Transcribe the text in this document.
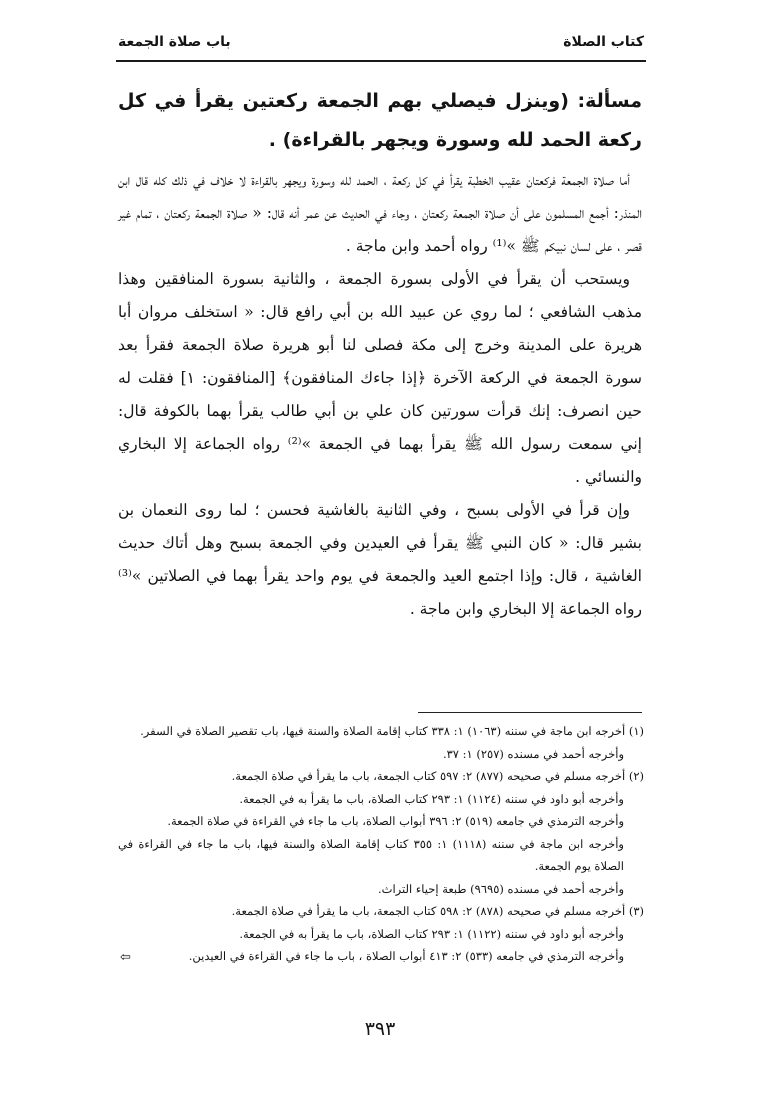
كتاب الصلاة
باب صلاة الجمعة

مسألة: (وينزل فيصلي بهم الجمعة ركعتين يقرأ في كل ركعة الحمد لله وسورة ويجهر بالقراءة) .

أما صلاة الجمعة فركعتان عقيب الخطبة يقرأ في كل ركعة ، الحمد لله وسورة ويجهر بالقراءة لا خلاف في ذلك كله قال ابن المنذر: أجمع المسلمون على أن صلاة الجمعة ركعتان ، وجاء في الحديث عن عمر أنه قال: « صلاة الجمعة ركعتان ، تمام غير قصر ، على لسان نبيكم ﷺ »⁽¹⁾ رواه أحمد وابن ماجة .

ويستحب أن يقرأ في الأولى بسورة الجمعة ، والثانية بسورة المنافقين وهذا مذهب الشافعي ؛ لما روي عن عبيد الله بن أبي رافع قال: « استخلف مروان أبا هريرة على المدينة وخرج إلى مكة فصلى لنا أبو هريرة صلاة الجمعة فقرأ بعد سورة الجمعة في الركعة الآخرة ﴿إذا جاءك المنافقون﴾ [المنافقون: ١] فقلت له حين انصرف: إنك قرأت سورتين كان علي بن أبي طالب يقرأ بهما بالكوفة قال: إني سمعت رسول الله ﷺ يقرأ بهما في الجمعة »⁽²⁾ رواه الجماعة إلا البخاري والنسائي .

وإن قرأ في الأولى بسبح ، وفي الثانية بالغاشية فحسن ؛ لما روى النعمان بن بشير قال: « كان النبي ﷺ يقرأ في العيدين وفي الجمعة بسبح وهل أتاك حديث الغاشية ، قال: وإذا اجتمع العيد والجمعة في يوم واحد يقرأ بهما في الصلاتين »⁽³⁾ رواه الجماعة إلا البخاري وابن ماجة .

(١) أخرجه ابن ماجة في سننه (١٠٦٣) ١: ٣٣٨ كتاب إقامة الصلاة والسنة فيها، باب تقصير الصلاة في السفر.

وأخرجه أحمد في مسنده (٢٥٧) ١: ٣٧.

(٢) أخرجه مسلم في صحيحه (٨٧٧) ٢: ٥٩٧ كتاب الجمعة، باب ما يقرأ في صلاة الجمعة.

وأخرجه أبو داود في سننه (١١٢٤) ١: ٢٩٣ كتاب الصلاة، باب ما يقرأ به في الجمعة.

وأخرجه الترمذي في جامعه (٥١٩) ٢: ٣٩٦ أبواب الصلاة، باب ما جاء في القراءة في صلاة الجمعة.

وأخرجه ابن ماجة في سننه (١١١٨) ١: ٣٥٥ كتاب إقامة الصلاة والسنة فيها، باب ما جاء في القراءة في الصلاة يوم الجمعة.

وأخرجه أحمد في مسنده (٩٦٩٥) طبعة إحياء التراث.

(٣) أخرجه مسلم في صحيحه (٨٧٨) ٢: ٥٩٨ كتاب الجمعة، باب ما يقرأ في صلاة الجمعة.

وأخرجه أبو داود في سننه (١١٢٢) ١: ٢٩٣ كتاب الصلاة، باب ما يقرأ به في الجمعة.

وأخرجه الترمذي في جامعه (٥٣٣) ٢: ٤١٣ أبواب الصلاة ، باب ما جاء في القراءة في العيدين.

⇦
٣٩٣
